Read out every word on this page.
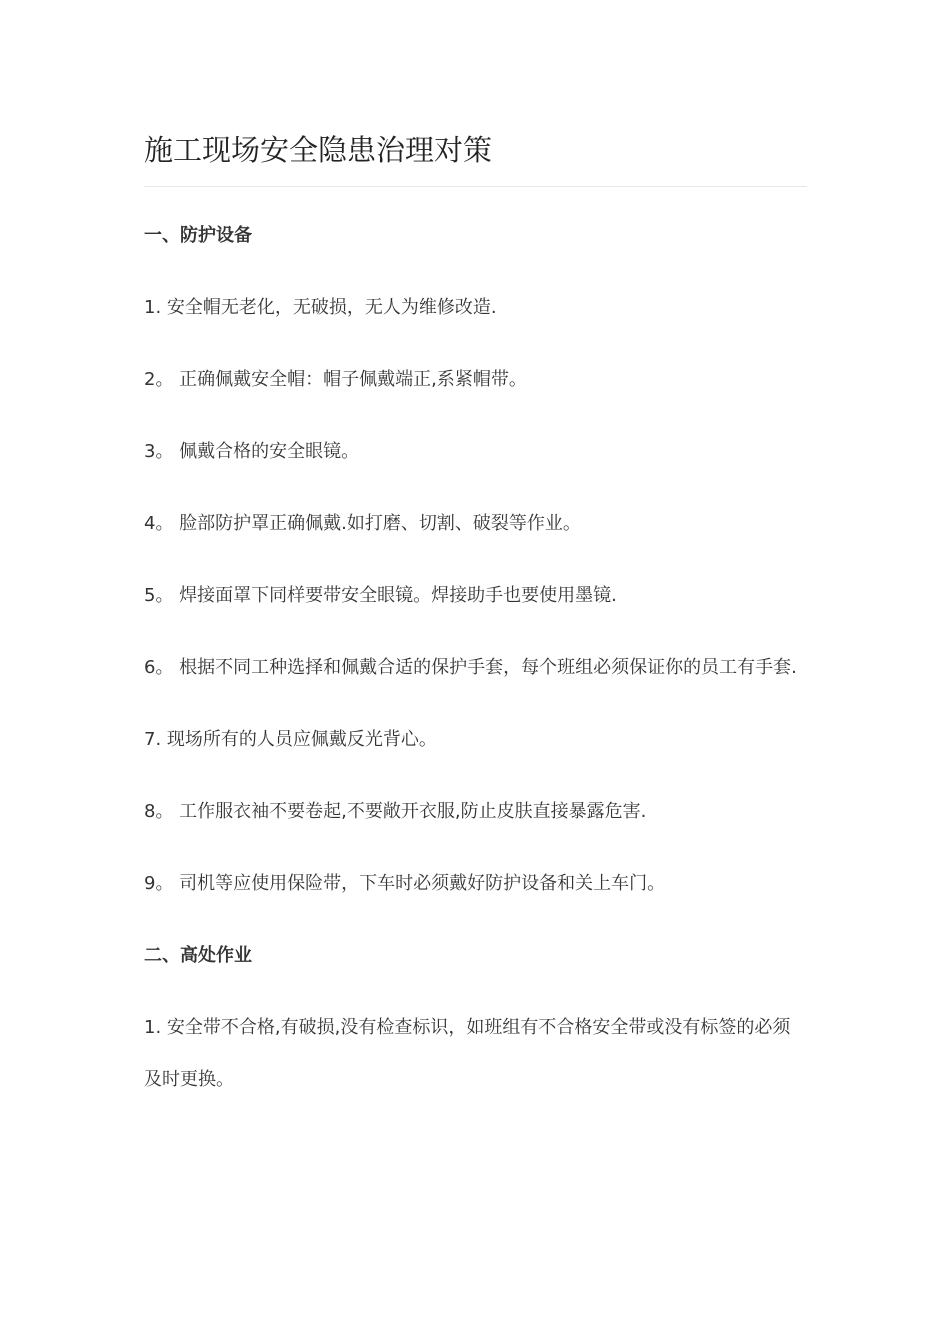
施工现场安全隐患治理对策
一、防护设备
1. 安全帽无老化，无破损，无人为维修改造.
2。 正确佩戴安全帽：帽子佩戴端正,系紧帽带。
3。 佩戴合格的安全眼镜。
4。 脸部防护罩正确佩戴.如打磨、切割、破裂等作业。
5。 焊接面罩下同样要带安全眼镜。焊接助手也要使用墨镜.
6。 根据不同工种选择和佩戴合适的保护手套，每个班组必须保证你的员工有手套.
7. 现场所有的人员应佩戴反光背心。
8。 工作服衣袖不要卷起,不要敞开衣服,防止皮肤直接暴露危害.
9。 司机等应使用保险带，下车时必须戴好防护设备和关上车门。
二、高处作业
1. 安全带不合格,有破损,没有检查标识，如班组有不合格安全带或没有标签的必须及时更换。
